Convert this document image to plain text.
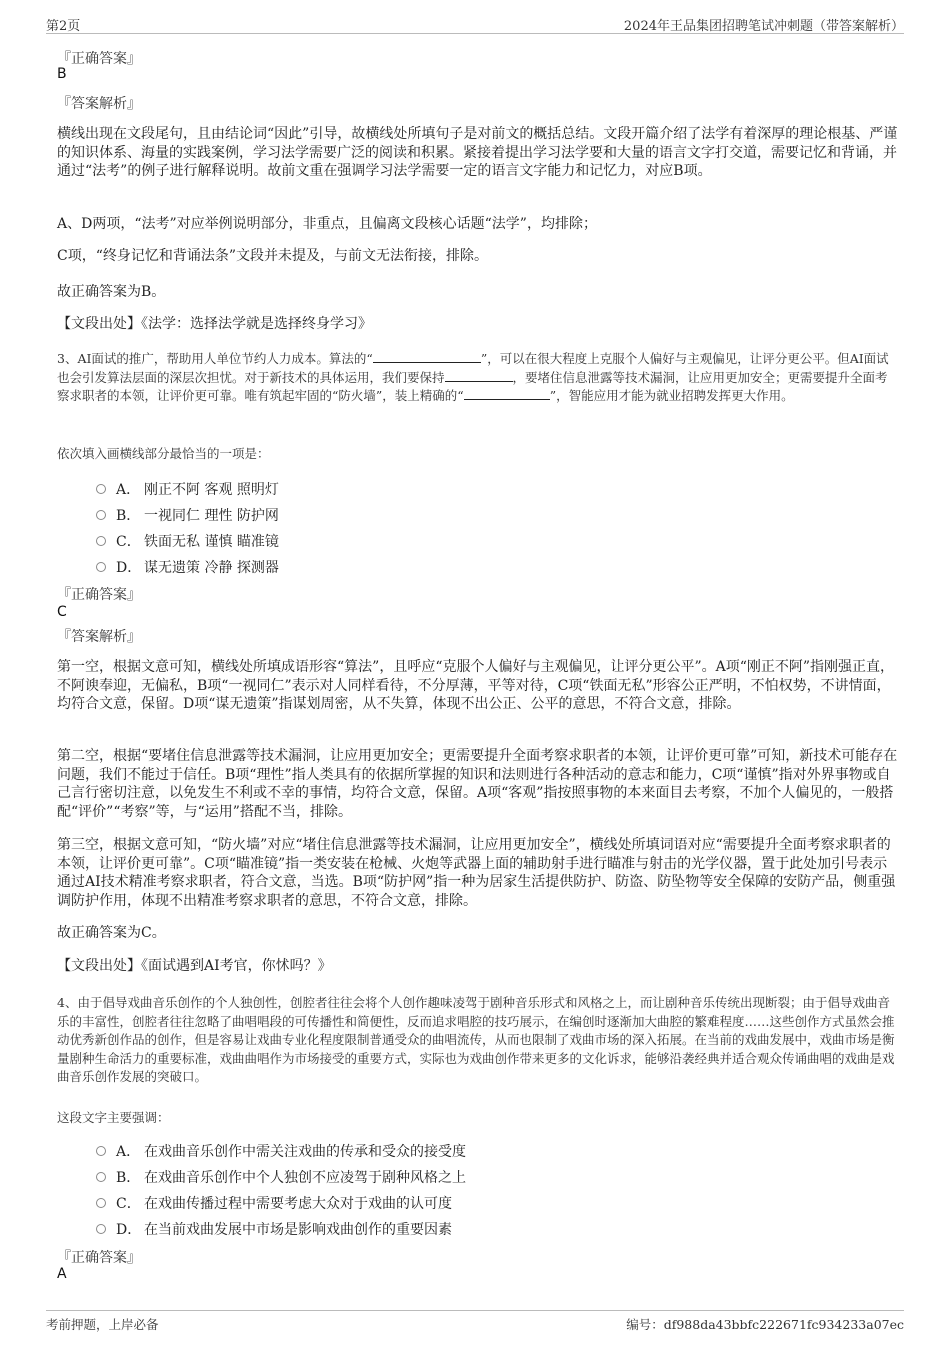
第2页	2024年王品集团招聘笔试冲刺题（带答案解析）
『正确答案』
B
『答案解析』

横线出现在文段尾句，且由结论词“因此”引导，故横线处所填句子是对前文的概括总结。文段开篇介绍了法学有着深厚的理论根基、严谨的知识体系、海量的实践案例，学习法学需要广泛的阅读和积累。紧接着提出学习法学要和大量的语言文字打交道，需要记忆和背诵，并通过“法考”的例子进行解释说明。故前文重在强调学习法学需要一定的语言文字能力和记忆力，对应B项。

A、D两项，“法考”对应举例说明部分，非重点，且偏离文段核心话题“法学”，均排除；

C项，“终身记忆和背诵法条”文段并未提及，与前文无法衔接，排除。

故正确答案为B。

【文段出处】《法学：选择法学就是选择终身学习》

3、AI面试的推广，帮助用人单位节约人力成本。算法的“	”，可以在很大程度上克服个人偏好与主观偏见，让评分更公平。但AI面试也会引发算法层面的深层次担忧。对于新技术的具体运用，我们要保持	，要堵住信息泄露等技术漏洞，让应用更加安全；更需要提升全面考察求职者的本领，让评价更可靠。唯有筑起牢固的“防火墙”，装上精确的“	”，智能应用才能为就业招聘发挥更大作用。

依次填入画横线部分最恰当的一项是：
A． 刚正不阿 客观 照明灯
B． 一视同仁 理性 防护网
C． 铁面无私 谨慎 瞄准镜
D． 谋无遗策 冷静 探测器
『正确答案』
C
『答案解析』

第一空，根据文意可知，横线处所填成语形容“算法”，且呼应“克服个人偏好与主观偏见，让评分更公平”。A项“刚正不阿”指刚强正直，不阿谀奉迎，无偏私，B项“一视同仁”表示对人同样看待，不分厚薄，平等对待，C项“铁面无私”形容公正严明，不怕权势，不讲情面，均符合文意，保留。D项“谋无遗策”指谋划周密，从不失算，体现不出公正、公平的意思，不符合文意，排除。

第二空，根据“要堵住信息泄露等技术漏洞，让应用更加安全；更需要提升全面考察求职者的本领，让评价更可靠”可知，新技术可能存在问题，我们不能过于信任。B项“理性”指人类具有的依据所掌握的知识和法则进行各种活动的意志和能力，C项“谨慎”指对外界事物或自己言行密切注意，以免发生不利或不幸的事情，均符合文意，保留。A项“客观”指按照事物的本来面目去考察，不加个人偏见的，一般搭配“评价”“考察”等，与“运用”搭配不当，排除。

第三空，根据文意可知，“防火墙”对应“堵住信息泄露等技术漏洞，让应用更加安全”，横线处所填词语对应“需要提升全面考察求职者的本领，让评价更可靠”。C项“瞄准镜”指一类安装在枪械、火炮等武器上面的辅助射手进行瞄准与射击的光学仪器，置于此处加引号表示通过AI技术精准考察求职者，符合文意，当选。B项“防护网”指一种为居家生活提供防护、防盗、防坠物等安全保障的安防产品，侧重强调防护作用，体现不出精准考察求职者的意思，不符合文意，排除。

故正确答案为C。

【文段出处】《面试遇到AI考官，你怵吗？》

4、由于倡导戏曲音乐创作的个人独创性，创腔者往往会将个人创作趣味凌驾于剧种音乐形式和风格之上，而让剧种音乐传统出现断裂；由于倡导戏曲音乐的丰富性，创腔者往往忽略了曲唱唱段的可传播性和简便性，反而追求唱腔的技巧展示，在编创时逐渐加大曲腔的繁难程度……这些创作方式虽然会推动优秀新创作品的创作，但是容易让戏曲专业化程度限制普通受众的曲唱流传，从而也限制了戏曲市场的深入拓展。在当前的戏曲发展中，戏曲市场是衡量剧种生命活力的重要标准，戏曲曲唱作为市场接受的重要方式，实际也为戏曲创作带来更多的文化诉求，能够沿袭经典并适合观众传诵曲唱的戏曲是戏曲音乐创作发展的突破口。

这段文字主要强调：
A． 在戏曲音乐创作中需关注戏曲的传承和受众的接受度
B． 在戏曲音乐创作中个人独创不应凌驾于剧种风格之上
C． 在戏曲传播过程中需要考虑大众对于戏曲的认可度
D． 在当前戏曲发展中市场是影响戏曲创作的重要因素
『正确答案』
A
考前押题，上岸必备	编号：df988da43bbfc222671fc934233a07ec
